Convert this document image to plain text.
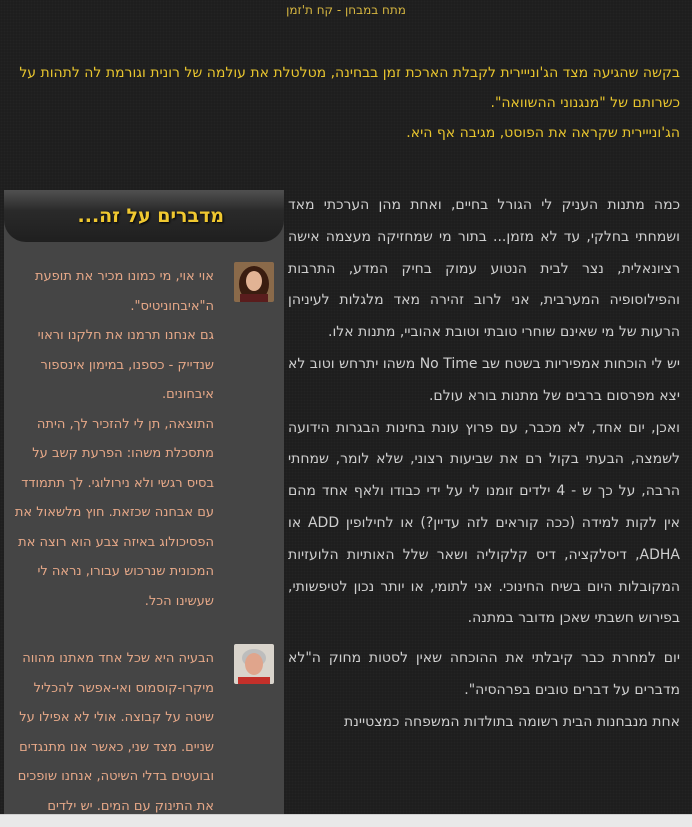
מתח במבחן - קח ת'זמן

בקשה שהגיעה מצד הג'ונייירית לקבלת הארכת זמן בבחינה, מטלטלת את עולמה של רונית וגורמת לה לתהות על כשרותם של "מנגנוני ההשוואה".

הג'ונייירית שקראה את הפוסט, מגיבה אף היא.

כמה מתנות העניק לי הגורל בחיים, ואחת מהן הערכתי מאד ושמחתי בחלקי, עד לא מזמן... בתור מי שמחזיקה מעצמה אישה רציונאלית, נצר לבית הנטוע עמוק בחיק המדע, התרבות והפילוסופיה המערבית, אני לרוב זהירה מאד מלגלות לעיניהן הרעות של מי שאינם שוחרי טובתי וטובת אהוביי, מתנות אלו.

יש לי הוכחות אמפיריות בשטח שב No Time משהו יתרחש וטוב לא יצא מפרסום ברבים של מתנות בורא עולם.

ואכן, יום אחד, לא מכבר, עם פרוץ עונת בחינות הבגרות הידועה לשמצה, הבעתי בקול רם את שביעות רצוני, שלא לומר, שמחתי הרבה, על כך ש - 4 ילדים זומנו לי על ידי כבודו ולאף אחד מהם אין לקות למידה (ככה קוראים לזה עדיין?) או לחילופין ADD או ADHA, דיסלקציה, דיס קלקוליה ושאר שלל האותיות הלועזיות המקובלות היום בשיח החינוכי. אני לתומי, או יותר נכון לטיפשותי, בפירוש חשבתי שאכן מדובר במתנה.

יום למחרת כבר קיבלתי את ההוכחה שאין לסטות מחוק ה"לא מדברים על דברים טובים בפרהסיה".

אחת מנבחנות הבית רשומה בתולדות המשפחה כמצטיינת

מדברים על זה...

אוי אוי, מי כמונו מכיר את תופעת ה"איבחוניטיס".

גם אנחנו תרמנו את חלקנו וראוי שנדייק - כספנו, במימון אינספור איבחונים.

התוצאה, תן לי להזכיר לך, היתה מתסכלת משהו: הפרעת קשב על בסיס רגשי ולא נירולוגי. לך תתמודד עם אבחנה שכזאת. חוץ מלשאול את הפסיכולוג באיזה צבע הוא רוצה את המכונית שנרכוש עבורו, נראה לי שעשינו הכל.

הבעיה היא שכל אחד מאתנו מהווה מיקרו-קוסמוס ואי-אפשר להכליל שיטה על קבוצה. אולי לא אפילו על שניים. מצד שני, כאשר אנו מתנגדים ובועטים בדלי השיטה, אנחנו שופכים את התינוק עם המים. יש ילדים
